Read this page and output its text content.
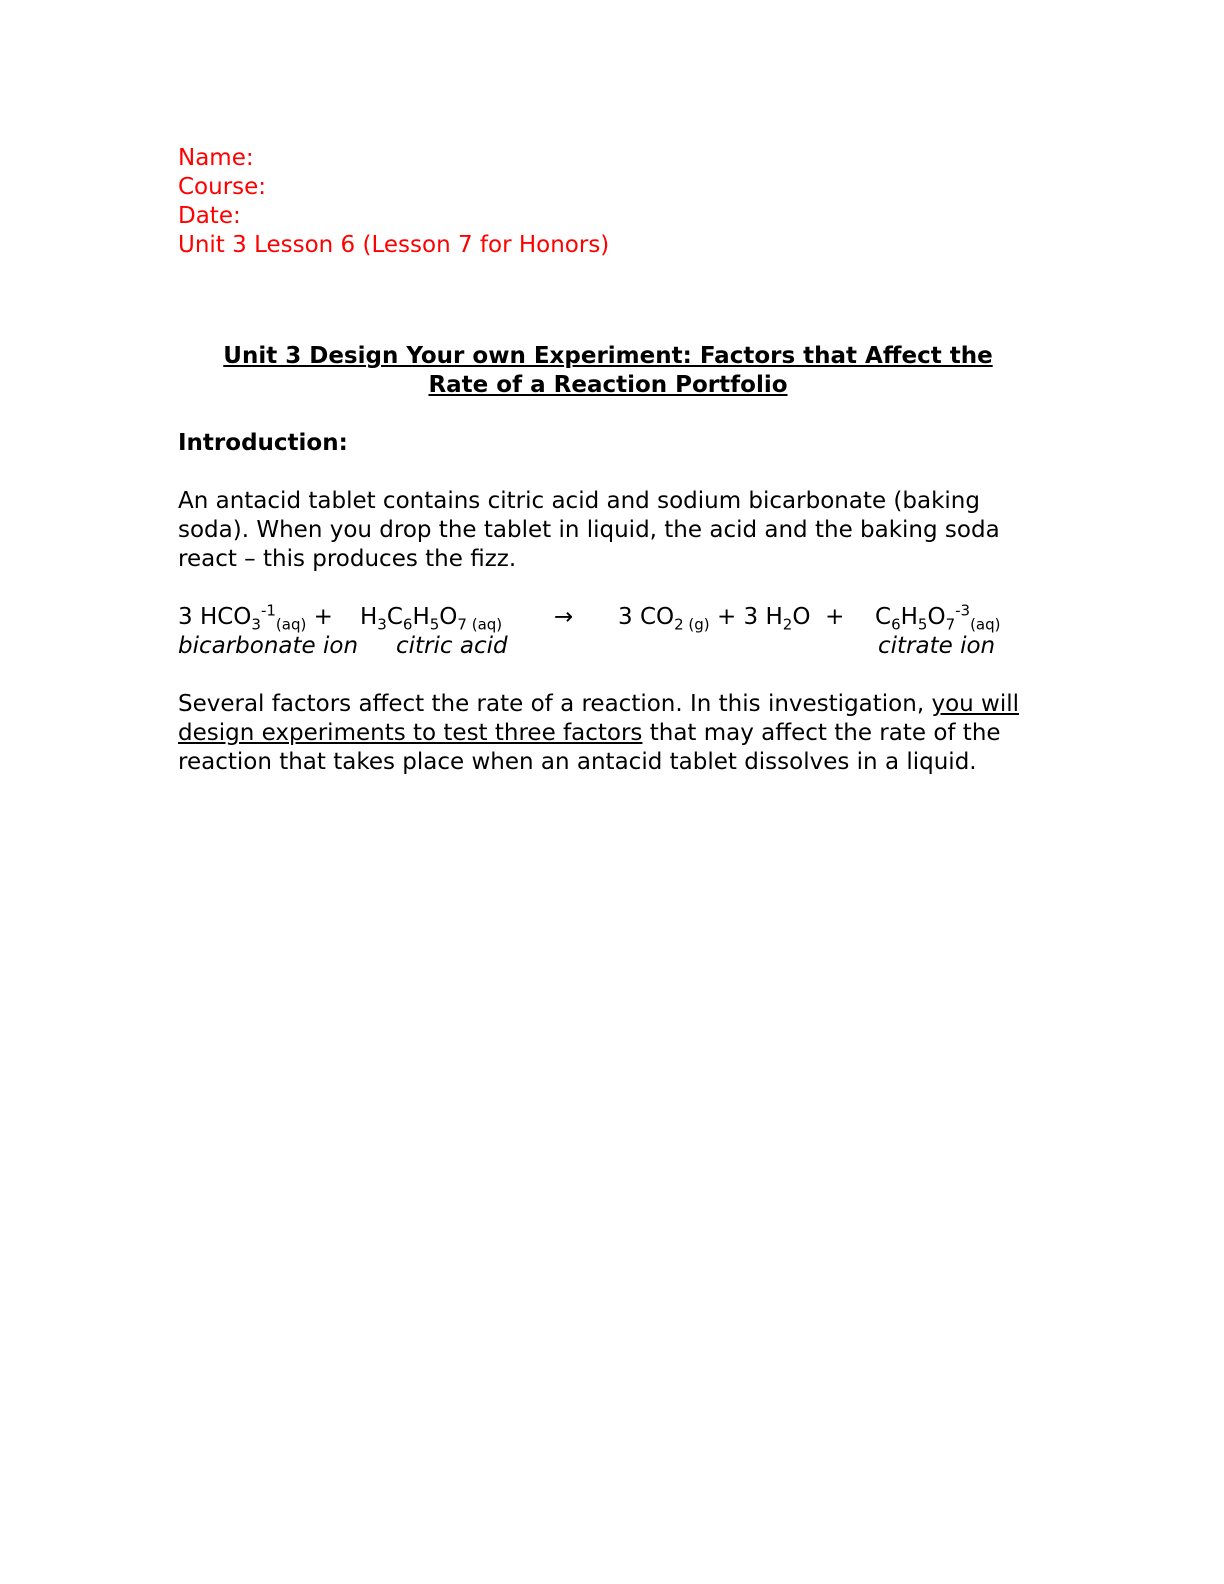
Name:
Course:
Date:
Unit 3 Lesson 6 (Lesson 7 for Honors)
Unit 3 Design Your own Experiment: Factors that Affect the
Rate of a Reaction Portfolio
Introduction:
An antacid tablet contains citric acid and sodium bicarbonate (baking soda). When you drop the tablet in liquid, the acid and the baking soda react – this produces the fizz.
3 $HCO_3^{-1}_{(aq)} + H_3C_6H_5O_{7 (aq)} \to 3$ $CO_{2 (g)} + 3$ $H_2O + C_6H_5O_7^{-3}_{(aq)}$
bicarbonate ion citric acid	citrate ion
Several factors affect the rate of a reaction. In this investigation, you will design experiments to test three factors that may affect the rate of the reaction that takes place when an antacid tablet dissolves in a liquid.
